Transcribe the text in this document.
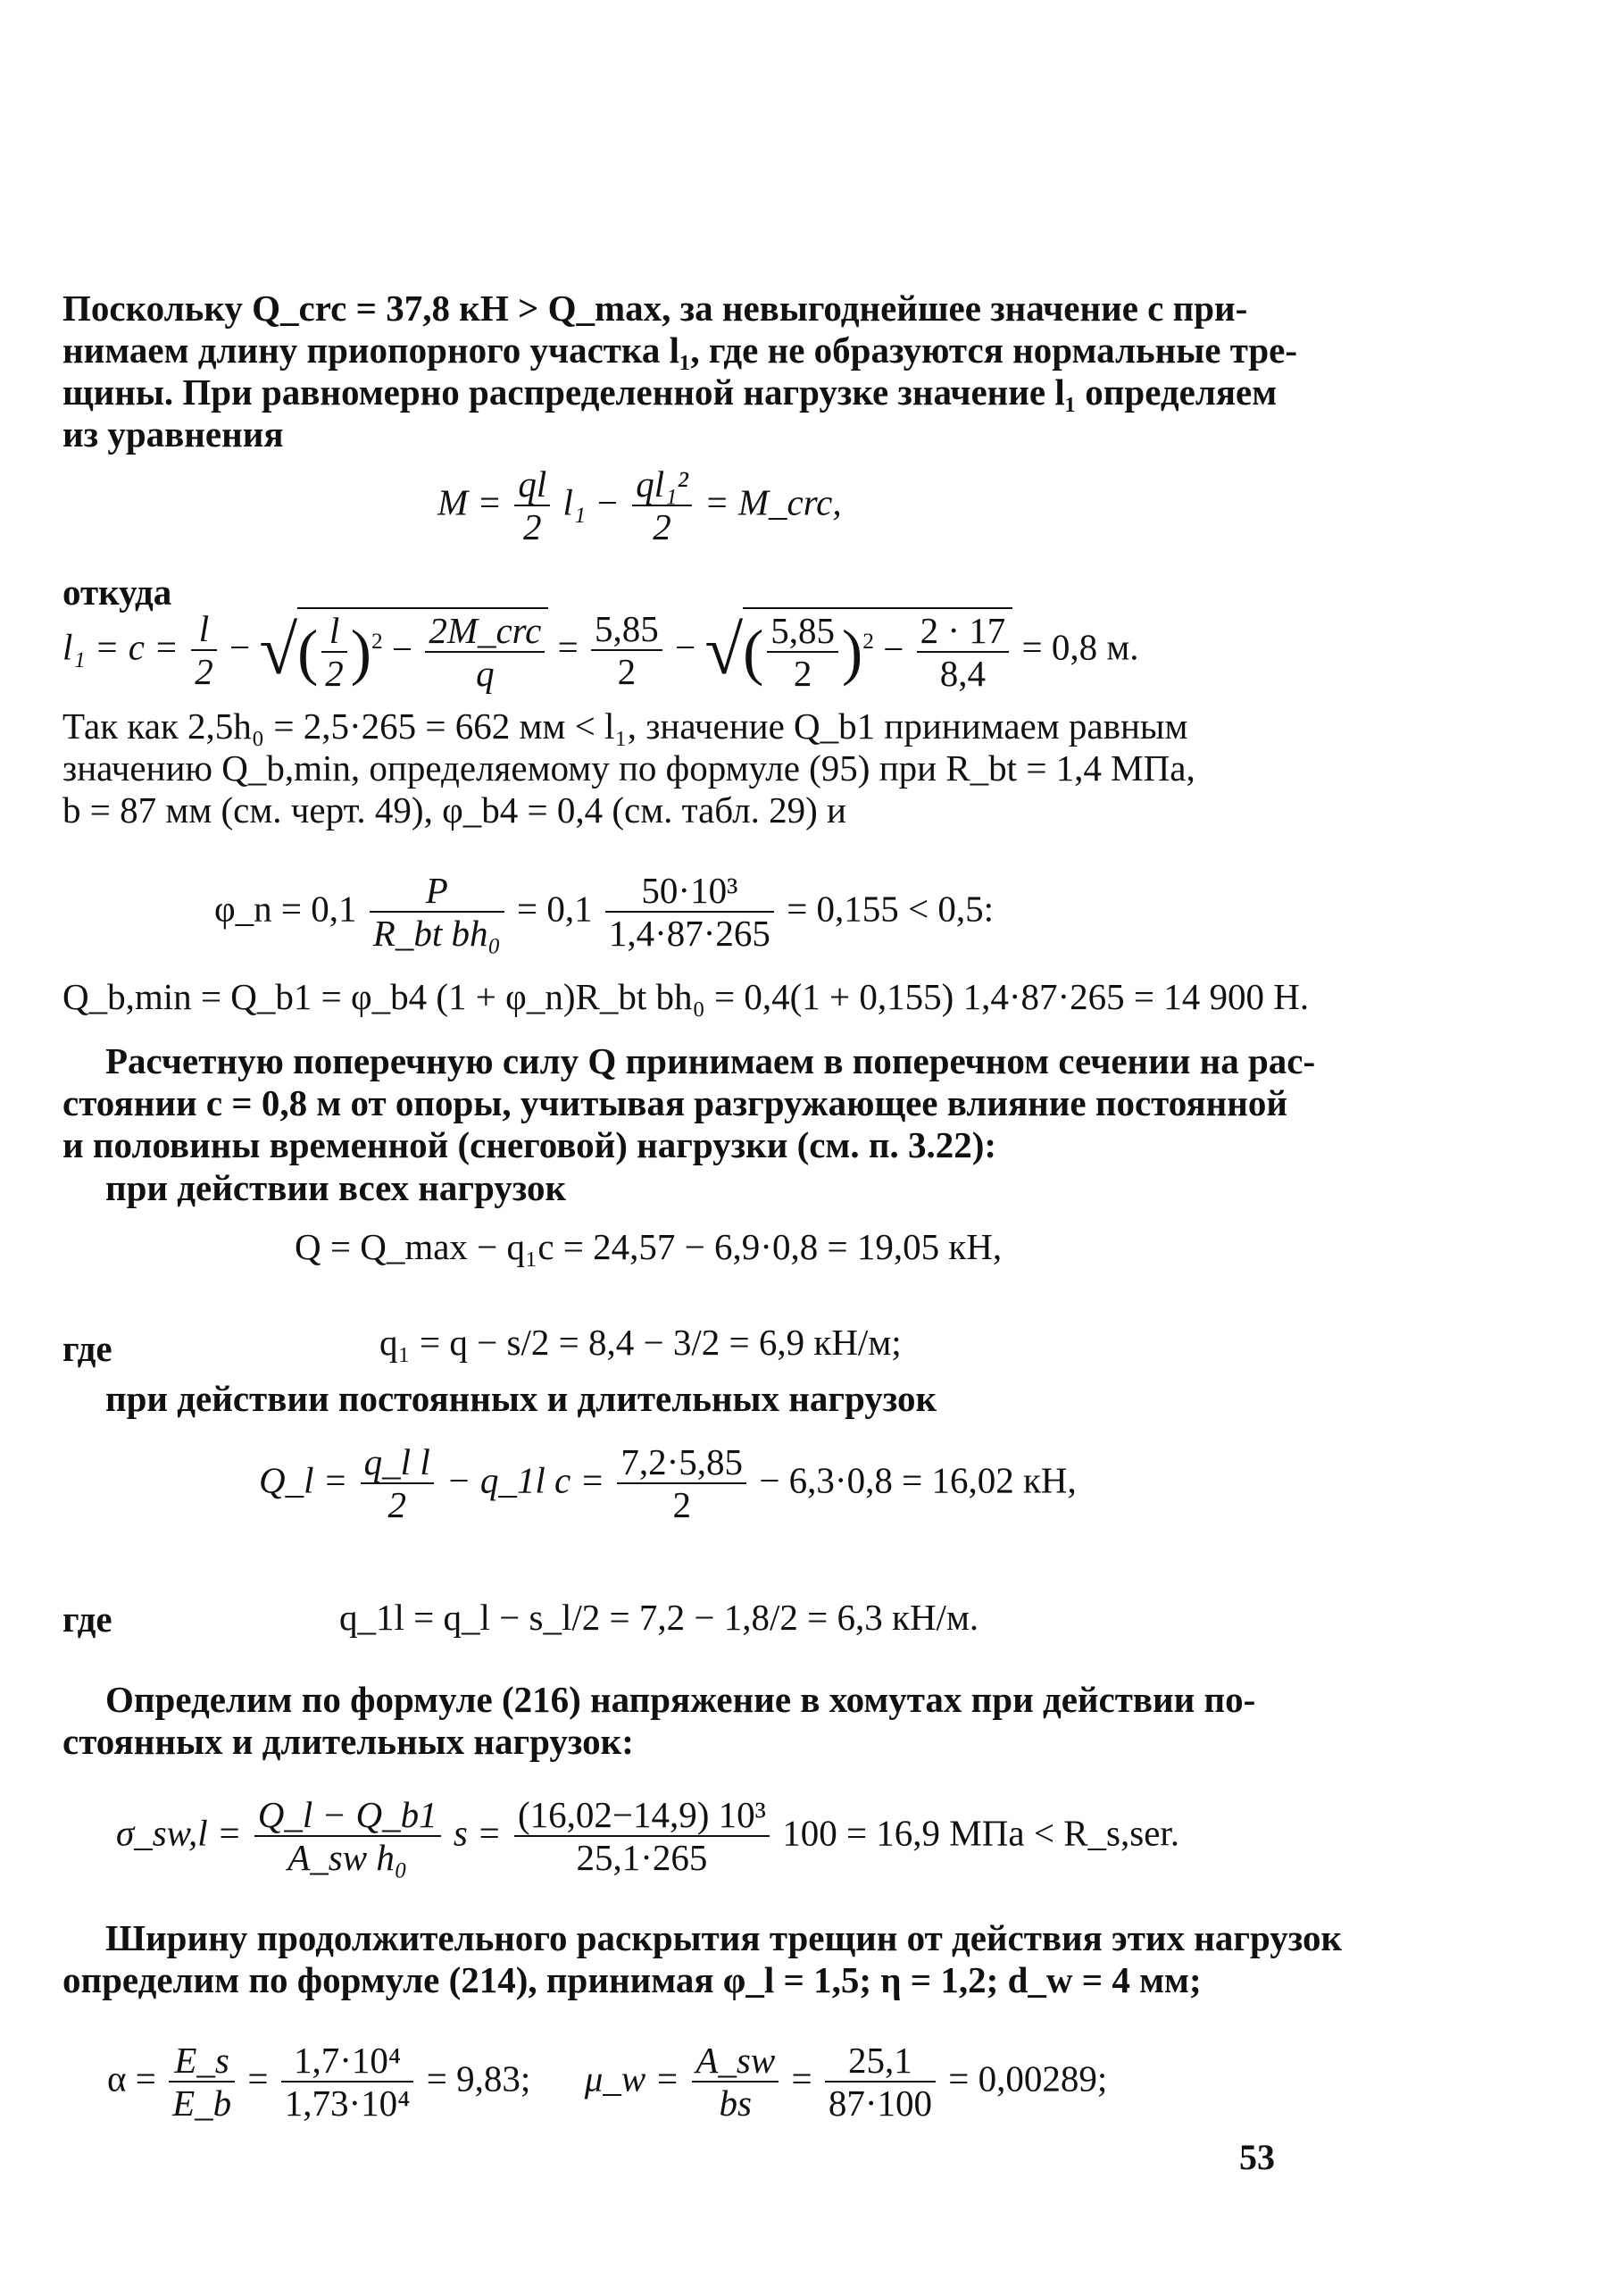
Поскольку Q_crc = 37,8 кН > Q_max, за невыгоднейшее значение c при-
нимаем длину приопорного участка l₁, где не образуются нормальные тре-
щины. При равномерно распределенной нагрузке значение l₁ определяем
из уравнения
$M = \frac{ql}{2} l_1 - \frac{\text{ql₁²}}{2}$ = M_crc,
откуда
$l_1 = c = \frac{l}{2}$ − √( $\frac{l}{2} )^2 - \frac{\text{2M\_crc}}{q} = \frac{5,85}{2}$ − √( $\frac{5,85}{2} )^2 - \frac{2 \cdot 17}{8,4} = 0,8$ м.
Так как 2,5h₀ = 2,5·265 = 662 мм < l₁, значение Q_b1 принимаем равным
значению Q_b,min, определяемому по формуле (95) при R_bt = 1,4 МПа,
b = 87 мм (см. черт. 49), φ_b4 = 0,4 (см. табл. 29) и
φ_n = $0,1 \frac{P}{\text{R\_bt bh₀}} = 0,1 \frac{\text{50·10³}}{1,4\cdot 87\cdot 265} = 0,155 < 0,5$:
Q_b,min = Q_b1 = φ_b4 (1 + φ_n)R_bt bh₀ = 0,4(1 + 0,155) 1,4·87·265 = 14 900 Н.
Расчетную поперечную силу Q принимаем в поперечном сечении на рас-
стоянии c = 0,8 м от опоры, учитывая разгружающее влияние постоянной
и половины временной (снеговой) нагрузки (см. п. 3.22):
при действии всех нагрузок
Q = Q_max − q₁c = 24,57 − 6,9·0,8 = 19,05 кН,
где	q₁ = q − s/2 = 8,4 − 3/2 = 6,9 кН/м;
при действии постоянных и длительных нагрузок
Q_l = $\frac{\text{q\_l l}}{2}$ − q_1l $c = \frac{7,2\cdot 5,85}{2} - 6,3\cdot 0,8 = 16,02$ кН,
где	q_1l = q_l − s_l/2 = 7,2 − 1,8/2 = 6,3 кН/м.
Определим по формуле (216) напряжение в хомутах при действии по-
стоянных и длительных нагрузок:
σ_sw,l = $\frac{Q\_l - Q\_b1}{\text{A\_sw h₀}}$ $s = \frac{\text{(16,02−14,9) 10³}}{25,1\cdot 265} 100 = 16,9$ МПа < R_s,ser.
Ширину продолжительного раскрытия трещин от действия этих нагрузок
определим по формуле (214), принимая φ_l = 1,5; η = 1,2; d_w = 4 мм;
$\alpha = \frac{E\_s}{E\_b} = \frac{\text{1,7·10⁴}}{\text{1,73·10⁴}} = 9,83$; μ_w = $\frac{A\_sw}{bs} = \frac{25,1}{87\cdot 100} = 0,00289$;
53
